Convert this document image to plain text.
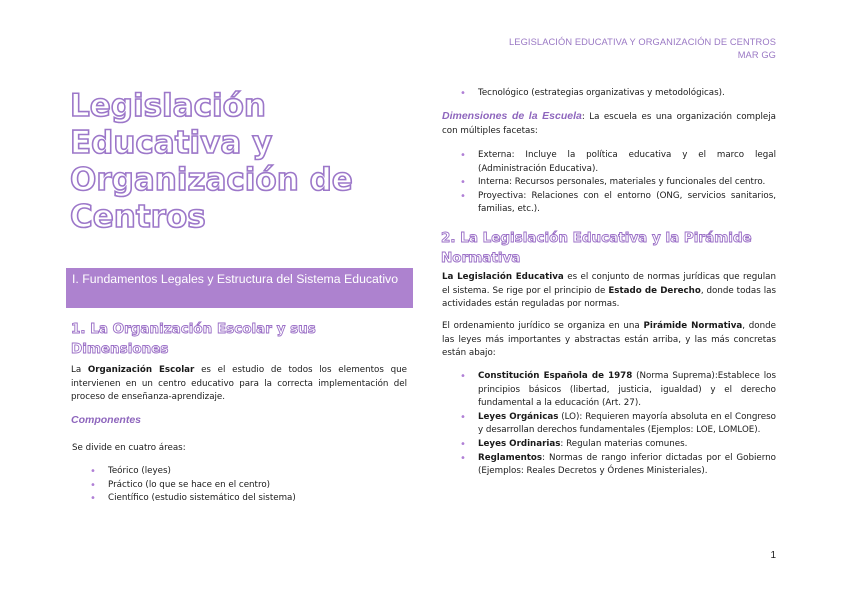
LEGISLACIÓN EDUCATIVA Y ORGANIZACIÓN DE CENTROS
MAR GG
Legislación Educativa y Organización de Centros
I. Fundamentos Legales y Estructura del Sistema Educativo
1. La Organización Escolar y sus Dimensiones

La Organización Escolar es el estudio de todos los elementos que intervienen en un centro educativo para la correcta implementación del proceso de enseñanza-aprendizaje.

Componentes

Se divide en cuatro áreas:

• Teórico (leyes)
• Práctico (lo que se hace en el centro)
• Científico (estudio sistemático del sistema)
• Tecnológico (estrategias organizativas y metodológicas).

Dimensiones de la Escuela: La escuela es una organización compleja con múltiples facetas:

• Externa: Incluye la política educativa y el marco legal (Administración Educativa).
• Interna: Recursos personales, materiales y funcionales del centro.
• Proyectiva: Relaciones con el entorno (ONG, servicios sanitarios, familias, etc.).
2. La Legislación Educativa y la Pirámide Normativa

La Legislación Educativa es el conjunto de normas jurídicas que regulan el sistema. Se rige por el principio de Estado de Derecho, donde todas las actividades están reguladas por normas.

El ordenamiento jurídico se organiza en una Pirámide Normativa, donde las leyes más importantes y abstractas están arriba, y las más concretas están abajo:

• Constitución Española de 1978 (Norma Suprema):Establece los principios básicos (libertad, justicia, igualdad) y el derecho fundamental a la educación (Art. 27).
• Leyes Orgánicas (LO): Requieren mayoría absoluta en el Congreso y desarrollan derechos fundamentales (Ejemplos: LOE, LOMLOE).
• Leyes Ordinarias: Regulan materias comunes.
• Reglamentos: Normas de rango inferior dictadas por el Gobierno (Ejemplos: Reales Decretos y Órdenes Ministeriales).
1
